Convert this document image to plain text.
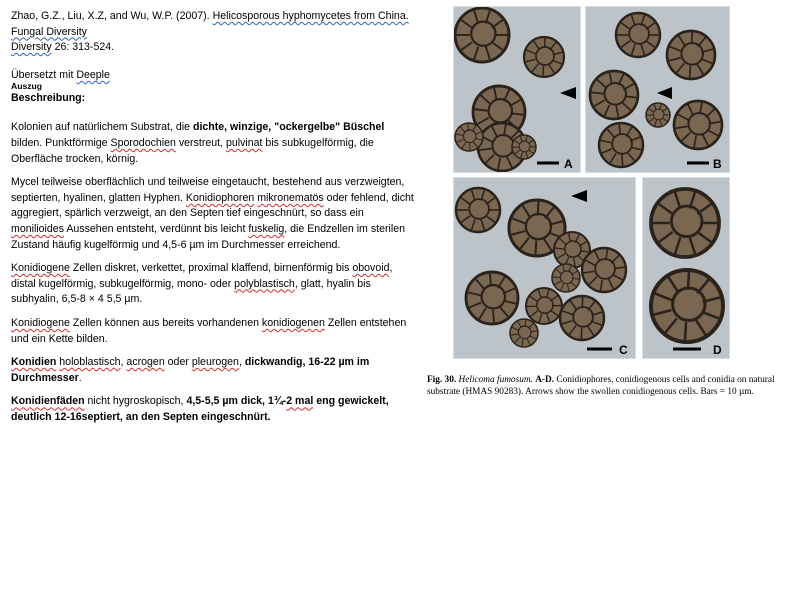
Zhao, G.Z., Liu, X.Z, and Wu, W.P. (2007). Helicosporous hyphomycetes from China. Fungal Diversity
Diversity 26: 313-524.

Übersetzt mit Deeple

Auszug

Beschreibung:

Kolonien auf natürlichem Substrat, die dichte, winzige, "ockergelbe" Büschel bilden. Punktförmige Sporodochien verstreut, pulvinat bis subkugelförmig, die Oberfläche trocken, körnig.

Mycel teilweise oberflächlich und teilweise eingetaucht, bestehend aus verzweigten, septierten, hyalinen, glatten Hyphen. Konidiophoren mikronematös oder fehlend, dicht aggregiert, spärlich verzweigt, an den Septen tief eingeschnürt, so dass ein monilioides Aussehen entsteht, verdünnt bis leicht fuskelig, die Endzellen im sterilen Zustand häufig kugelförmig und 4,5-6 µm im Durchmesser erreichend.

Konidiogene Zellen diskret, verkettet, proximal klaffend, birnenförmig bis obovoid, distal kugelförmig, subkugelförmig, mono- oder polyblastisch, glatt, hyalin bis subhyalin, 6,5-8 × 4 5,5 µm.

Konidiogene Zellen können aus bereits vorhandenen konidiogenen Zellen entstehen und ein Kette bilden.

Konidien holoblastisch, acrogen oder pleurogen, dickwandig, 16-22 µm im Durchmesser.

Konidienfäden nicht hygroskopisch, 4,5-5,5 µm dick, 1¾-2 mal eng gewickelt, deutlich 12-16septiert, an den Septen eingeschnürt.

A	B
C	D
Fig. 30. Helicoma fumosum. A-D. Conidiophores, conidiogenous cells and conidia on natural substrate (HMAS 90283). Arrows show the swollen conidiogenous cells. Bars = 10 µm.
